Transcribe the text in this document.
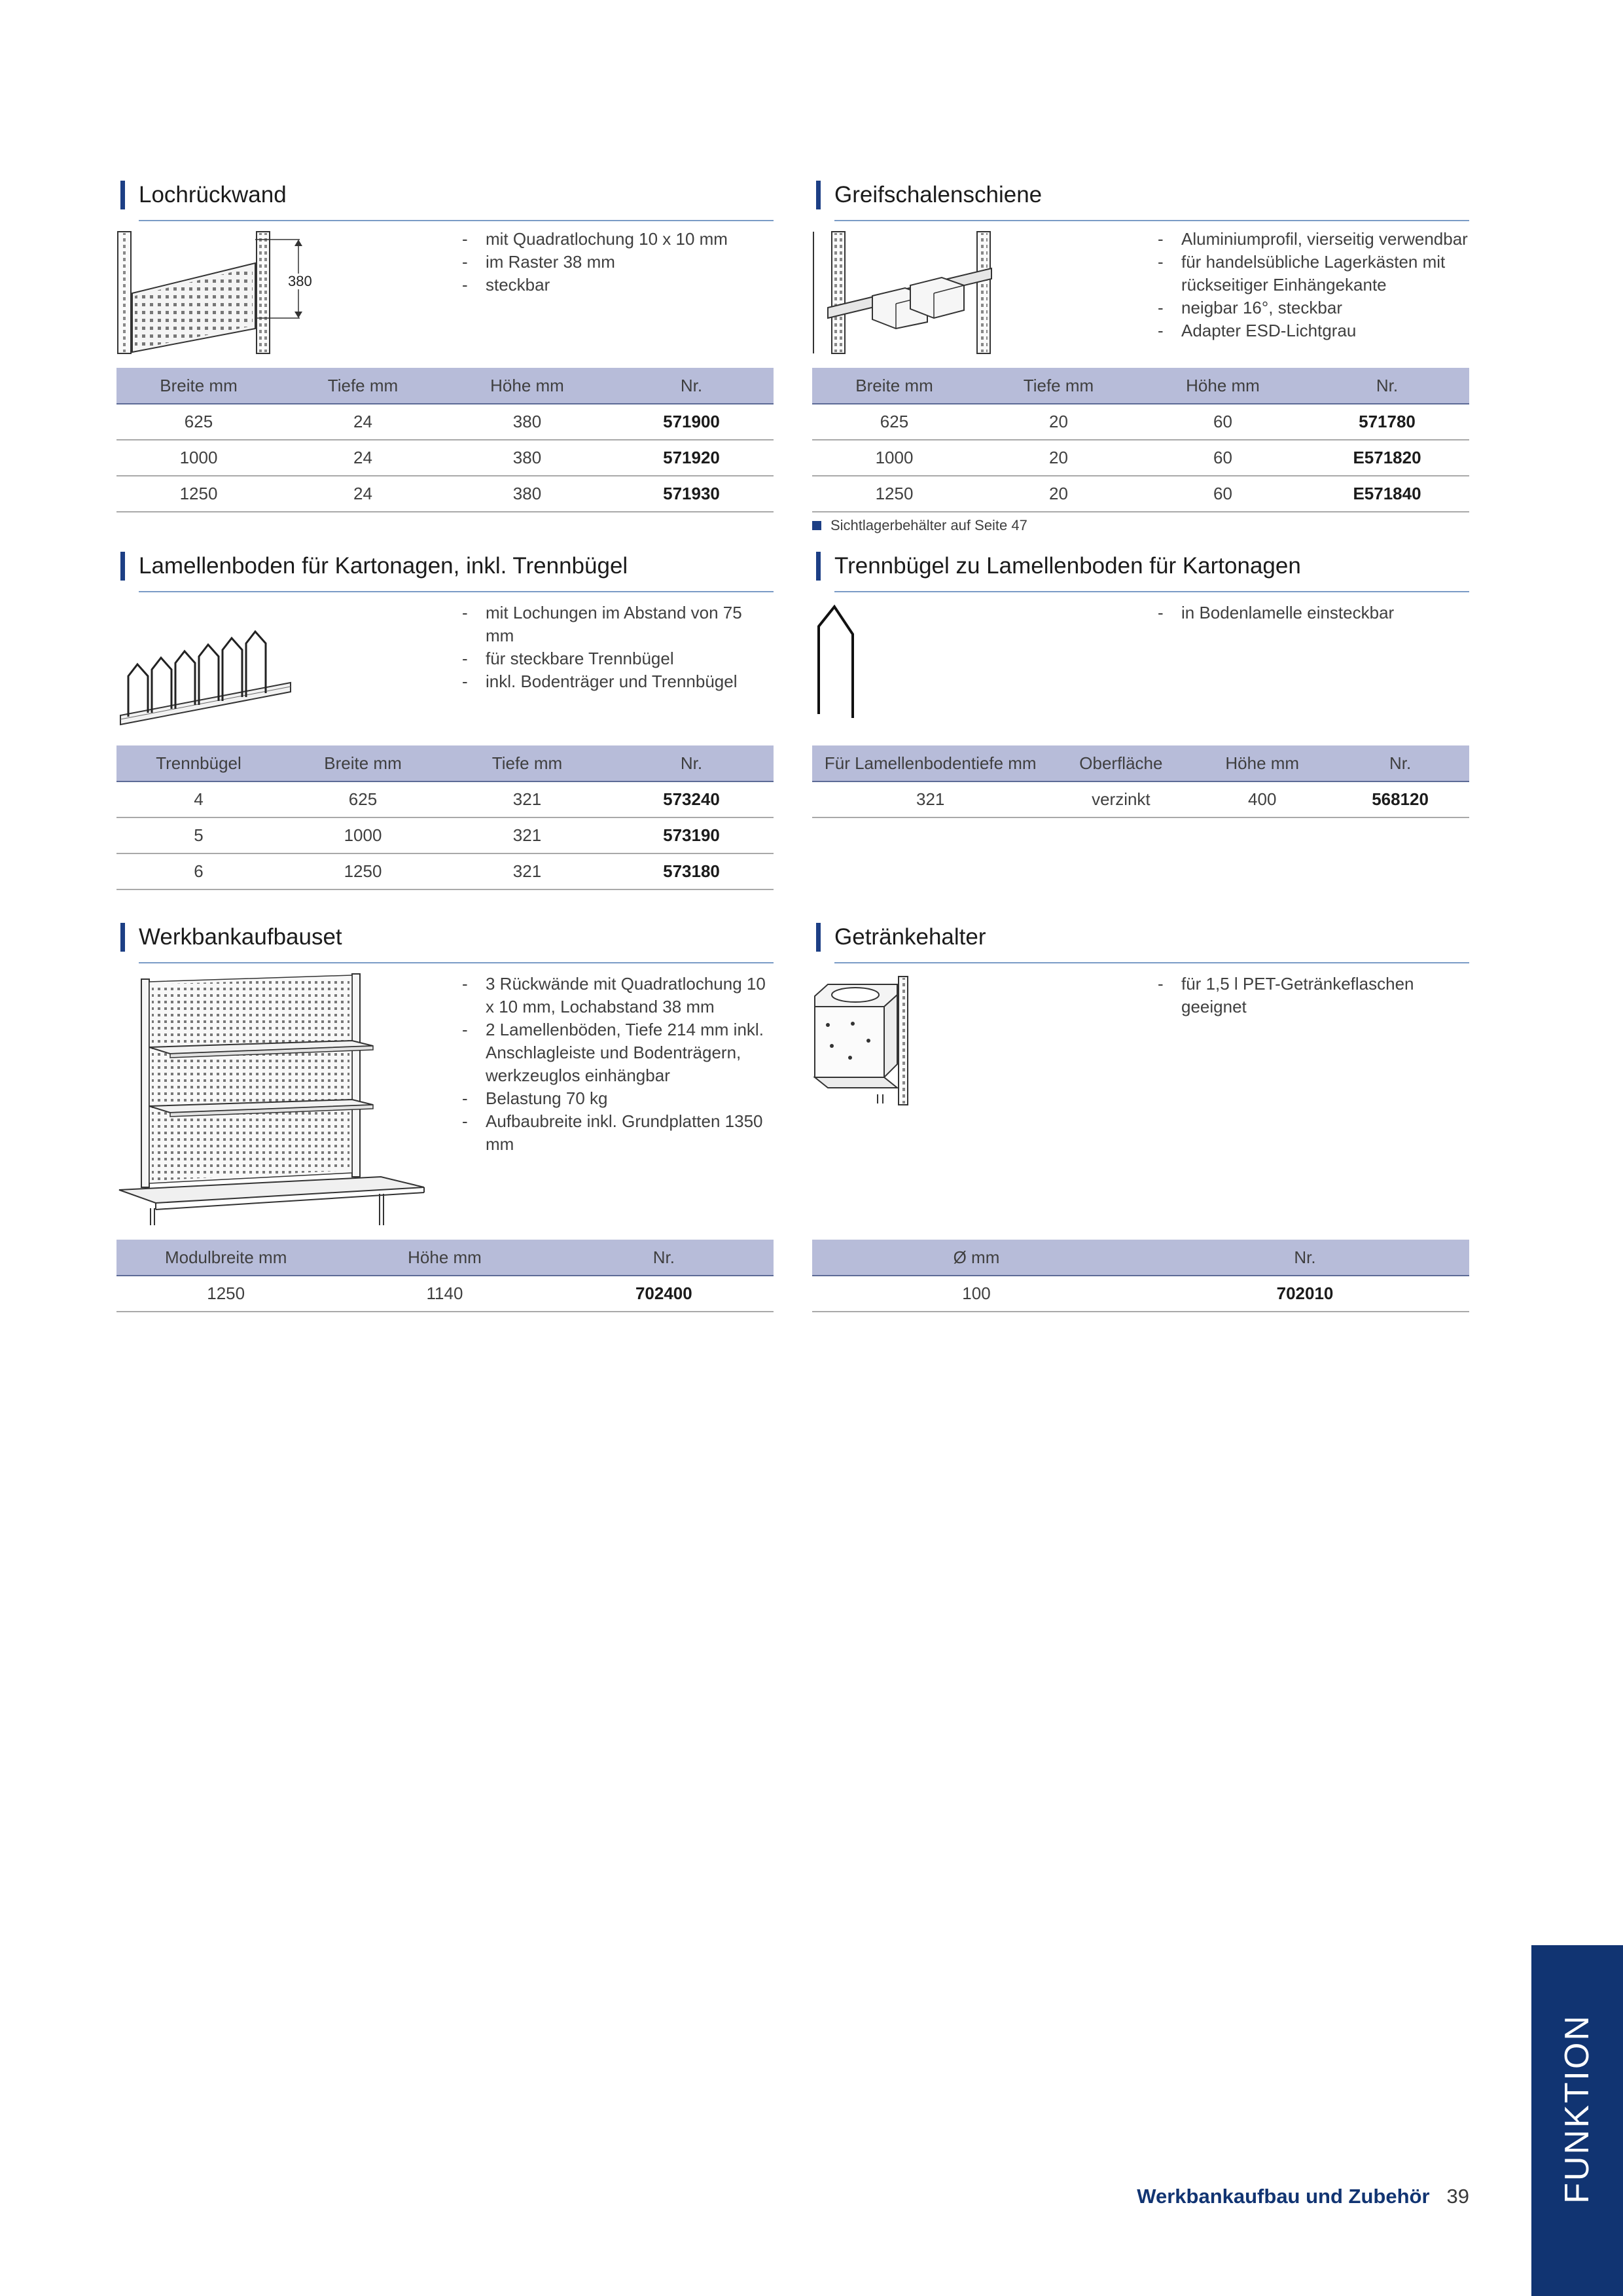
Lochrückwand
380
- mit Quadratlochung 10 x 10 mm
- im Raster 38 mm
- steckbar
Breite mm	Tiefe mm	Höhe mm	Nr.
625	24	380	571900
1000	24	380	571920
1250	24	380	571930
Greifschalenschiene
- Aluminiumprofil, vierseitig verwendbar
- für handelsübliche Lagerkästen mit rückseitiger Einhängekante
- neigbar 16°, steckbar
- Adapter ESD-Lichtgrau
Breite mm	Tiefe mm	Höhe mm	Nr.
625	20	60	571780
1000	20	60	E571820
1250	20	60	E571840
Sichtlagerbehälter auf Seite 47
Lamellenboden für Kartonagen, inkl. Trennbügel
- mit Lochungen im Abstand von 75 mm
- für steckbare Trennbügel
- inkl. Bodenträger und Trennbügel
Trennbügel	Breite mm	Tiefe mm	Nr.
4	625	321	573240
5	1000	321	573190
6	1250	321	573180
Trennbügel zu Lamellenboden für Kartonagen
- in Bodenlamelle einsteckbar
Für Lamellenbodentiefe mm	Oberfläche	Höhe mm	Nr.
321	verzinkt	400	568120
Werkbankaufbauset
- 3 Rückwände mit Quadratlochung 10 x 10 mm, Lochabstand 38 mm
- 2 Lamellenböden, Tiefe 214 mm inkl. Anschlagleiste und Bodenträgern, werkzeuglos einhängbar
- Belastung 70 kg
- Aufbaubreite inkl. Grundplatten 1350 mm
Modulbreite mm	Höhe mm	Nr.
1250	1140	702400
Getränkehalter
- für 1,5 l PET-Getränkeflaschen geeignet
Ø mm	Nr.
100	702010
FUNKTION
Werkbankaufbau und Zubehör 39
